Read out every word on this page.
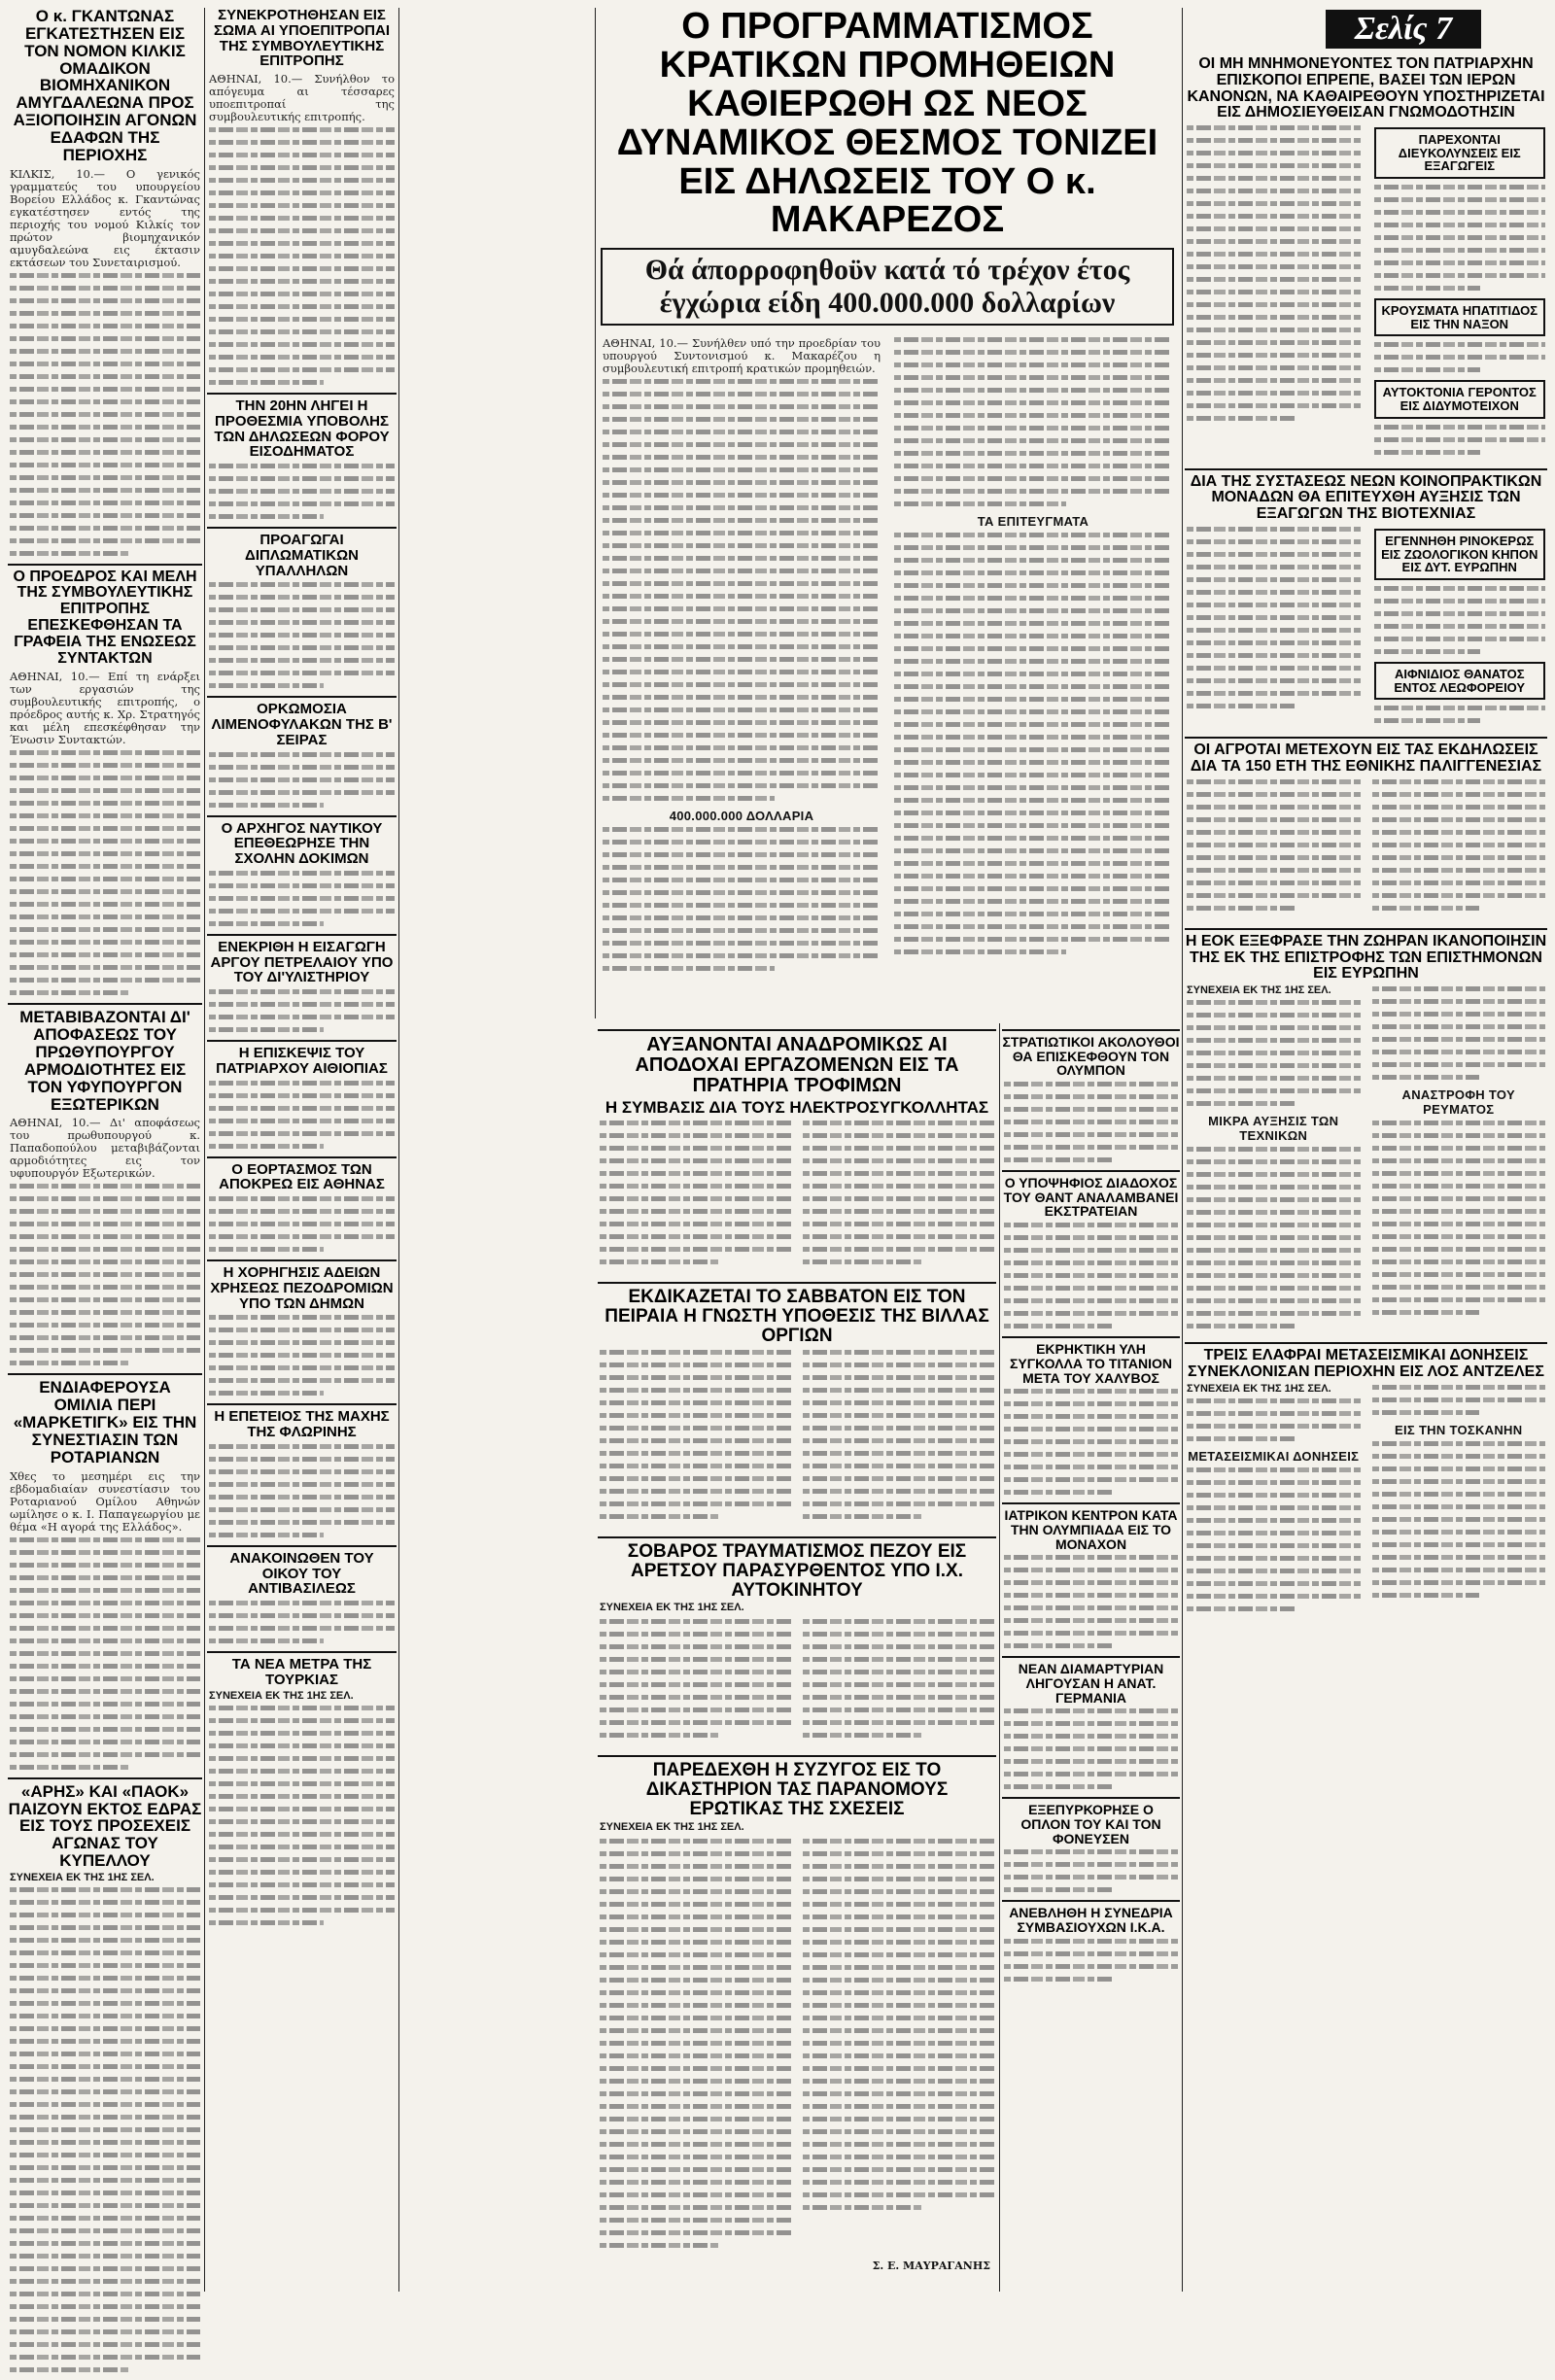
Ο κ. ΓΚΑΝΤΩΝΑΣ ΕΓΚΑΤΕΣΤΗΣΕΝ ΕΙΣ ΤΟΝ ΝΟΜΟΝ ΚΙΛΚΙΣ ΟΜΑΔΙΚΟΝ ΒΙΟΜΗΧΑΝΙΚΟΝ ΑΜΥΓΔΑΛΕΩΝΑ ΠΡΟΣ ΑΞΙΟΠΟΙΗΣΙΝ ΑΓΟΝΩΝ ΕΔΑΦΩΝ ΤΗΣ ΠΕΡΙΟΧΗΣ

ΚΙΛΚΙΣ, 10.— Ο γενικός γραμματεύς του υπουργείου Βορείου Ελλάδος κ. Γκαντώνας εγκατέστησεν εντός της περιοχής του νομού Κιλκίς τον πρώτον βιομηχανικόν αμυγδαλεώνα εις έκτασιν εκτάσεων του Συνεταιρισμού.

Ο ΠΡΟΕΔΡΟΣ ΚΑΙ ΜΕΛΗ ΤΗΣ ΣΥΜΒΟΥΛΕΥΤΙΚΗΣ ΕΠΙΤΡΟΠΗΣ ΕΠΕΣΚΕΦΘΗΣΑΝ ΤΑ ΓΡΑΦΕΙΑ ΤΗΣ ΕΝΩΣΕΩΣ ΣΥΝΤΑΚΤΩΝ

ΑΘΗΝΑΙ, 10.— Επί τη ενάρξει των εργασιών της συμβουλευτικής επιτροπής, ο πρόεδρος αυτής κ. Χρ. Στρατηγός και μέλη επεσκέφθησαν την Ένωσιν Συντακτών.

ΜΕΤΑΒΙΒΑΖΟΝΤΑΙ ΔΙ' ΑΠΟΦΑΣΕΩΣ ΤΟΥ ΠΡΩΘΥΠΟΥΡΓΟΥ ΑΡΜΟΔΙΟΤΗΤΕΣ ΕΙΣ ΤΟΝ ΥΦΥΠΟΥΡΓΟΝ ΕΞΩΤΕΡΙΚΩΝ

ΑΘΗΝΑΙ, 10.— Δι' αποφάσεως του πρωθυπουργού κ. Παπαδοπούλου μεταβιβάζονται αρμοδιότητες εις τον υφυπουργόν Εξωτερικών.

ΕΝΔΙΑΦΕΡΟΥΣΑ ΟΜΙΛΙΑ ΠΕΡΙ «ΜΑΡΚΕΤΙΓΚ» ΕΙΣ ΤΗΝ ΣΥΝΕΣΤΙΑΣΙΝ ΤΩΝ ΡΟΤΑΡΙΑΝΩΝ

Χθες το μεσημέρι εις την εβδομαδιαίαν συνεστίασιν του Ροταριανού Ομίλου Αθηνών ωμίλησε ο κ. Ι. Παπαγεωργίου με θέμα «Η αγορά της Ελλάδος».

«ΑΡΗΣ» ΚΑΙ «ΠΑΟΚ» ΠΑΙΖΟΥΝ ΕΚΤΟΣ ΕΔΡΑΣ ΕΙΣ ΤΟΥΣ ΠΡΟΣΕΧΕΙΣ ΑΓΩΝΑΣ ΤΟΥ ΚΥΠΕΛΛΟΥ
ΣΥΝΕΧΕΙΑ ΕΚ ΤΗΣ 1ΗΣ ΣΕΛ.
ΣΥΝΕΚΡΟΤΗΘΗΣΑΝ ΕΙΣ ΣΩΜΑ ΑΙ ΥΠΟΕΠΙΤΡΟΠΑΙ ΤΗΣ ΣΥΜΒΟΥΛΕΥΤΙΚΗΣ ΕΠΙΤΡΟΠΗΣ

ΑΘΗΝΑΙ, 10.— Συνήλθον το απόγευμα αι τέσσαρες υποεπιτροπαί της συμβουλευτικής επιτροπής.

ΤΗΝ 20ΗΝ ΛΗΓΕΙ Η ΠΡΟΘΕΣΜΙΑ ΥΠΟΒΟΛΗΣ ΤΩΝ ΔΗΛΩΣΕΩΝ ΦΟΡΟΥ ΕΙΣΟΔΗΜΑΤΟΣ
ΠΡΟΑΓΩΓΑΙ ΔΙΠΛΩΜΑΤΙΚΩΝ ΥΠΑΛΛΗΛΩΝ
ΟΡΚΩΜΟΣΙΑ ΛΙΜΕΝΟΦΥΛΑΚΩΝ ΤΗΣ Β' ΣΕΙΡΑΣ
Ο ΑΡΧΗΓΟΣ ΝΑΥΤΙΚΟΥ ΕΠΕΘΕΩΡΗΣΕ ΤΗΝ ΣΧΟΛΗΝ ΔΟΚΙΜΩΝ
ΕΝΕΚΡΙΘΗ Η ΕΙΣΑΓΩΓΗ ΑΡΓΟΥ ΠΕΤΡΕΛΑΙΟΥ ΥΠΟ ΤΟΥ ΔΙ'ΥΛΙΣΤΗΡΙΟΥ
Η ΕΠΙΣΚΕΨΙΣ ΤΟΥ ΠΑΤΡΙΑΡΧΟΥ ΑΙΘΙΟΠΙΑΣ
Ο ΕΟΡΤΑΣΜΟΣ ΤΩΝ ΑΠΟΚΡΕΩ ΕΙΣ ΑΘΗΝΑΣ
Η ΧΟΡΗΓΗΣΙΣ ΑΔΕΙΩΝ ΧΡΗΣΕΩΣ ΠΕΖΟΔΡΟΜΙΩΝ ΥΠΟ ΤΩΝ ΔΗΜΩΝ
Η ΕΠΕΤΕΙΟΣ ΤΗΣ ΜΑΧΗΣ ΤΗΣ ΦΛΩΡΙΝΗΣ
ΑΝΑΚΟΙΝΩΘΕΝ ΤΟΥ ΟΙΚΟΥ ΤΟΥ ΑΝΤΙΒΑΣΙΛΕΩΣ
ΤΑ ΝΕΑ ΜΕΤΡΑ ΤΗΣ ΤΟΥΡΚΙΑΣ
ΣΥΝΕΧΕΙΑ ΕΚ ΤΗΣ 1ΗΣ ΣΕΛ.
Ο ΠΡΟΓΡΑΜΜΑΤΙΣΜΟΣ ΚΡΑΤΙΚΩΝ ΠΡΟΜΗΘΕΙΩΝ ΚΑΘΙΕΡΩΘΗ ΩΣ ΝΕΟΣ ΔΥΝΑΜΙΚΟΣ ΘΕΣΜΟΣ ΤΟΝΙΖΕΙ ΕΙΣ ΔΗΛΩΣΕΙΣ ΤΟΥ Ο κ. ΜΑΚΑΡΕΖΟΣ
Θά άπορροφηθοϋν κατά τό τρέχον έτος έγχώρια είδη 400.000.000 δολλαρίων

ΑΘΗΝΑΙ, 10.— Συνήλθεν υπό την προεδρίαν του υπουργού Συντονισμού κ. Μακαρέζου η συμβουλευτική επιτροπή κρατικών προμηθειών.

400.000.000 ΔΟΛΛΑΡΙΑ
ΤΑ ΕΠΙΤΕΥΓΜΑΤΑ
ΑΥΞΑΝΟΝΤΑΙ ΑΝΑΔΡΟΜΙΚΩΣ ΑΙ ΑΠΟΔΟΧΑΙ ΕΡΓΑΖΟΜΕΝΩΝ ΕΙΣ ΤΑ ΠΡΑΤΗΡΙΑ ΤΡΟΦΙΜΩΝ
Η ΣΥΜΒΑΣΙΣ ΔΙΑ ΤΟΥΣ ΗΛΕΚΤΡΟΣΥΓΚΟΛΛΗΤΑΣ
ΕΚΔΙΚΑΖΕΤΑΙ ΤΟ ΣΑΒΒΑΤΟΝ ΕΙΣ ΤΟΝ ΠΕΙΡΑΙΑ Η ΓΝΩΣΤΗ ΥΠΟΘΕΣΙΣ ΤΗΣ ΒΙΛΛΑΣ ΟΡΓΙΩΝ
ΣΟΒΑΡΟΣ ΤΡΑΥΜΑΤΙΣΜΟΣ ΠΕΖΟΥ ΕΙΣ ΑΡΕΤΣΟΥ ΠΑΡΑΣΥΡΘΕΝΤΟΣ ΥΠΟ Ι.Χ. ΑΥΤΟΚΙΝΗΤΟΥ
ΣΥΝΕΧΕΙΑ ΕΚ ΤΗΣ 1ΗΣ ΣΕΛ.
ΠΑΡΕΔΕΧΘΗ Η ΣΥΖΥΓΟΣ ΕΙΣ ΤΟ ΔΙΚΑΣΤΗΡΙΟΝ ΤΑΣ ΠΑΡΑΝΟΜΟΥΣ ΕΡΩΤΙΚΑΣ ΤΗΣ ΣΧΕΣΕΙΣ
ΣΥΝΕΧΕΙΑ ΕΚ ΤΗΣ 1ΗΣ ΣΕΛ.
Σ. Ε. ΜΑΥΡΑΓΑΝΗΣ
ΣΤΡΑΤΙΩΤΙΚΟΙ ΑΚΟΛΟΥΘΟΙ ΘΑ ΕΠΙΣΚΕΦΘΟΥΝ ΤΟΝ ΟΛΥΜΠΟΝ
Ο ΥΠΟΨΗΦΙΟΣ ΔΙΑΔΟΧΟΣ ΤΟΥ ΘΑΝΤ ΑΝΑΛΑΜΒΑΝΕΙ ΕΚΣΤΡΑΤΕΙΑΝ
ΕΚΡΗΚΤΙΚΗ ΥΛΗ ΣΥΓΚΟΛΛΑ ΤΟ ΤΙΤΑΝΙΟΝ ΜΕΤΑ ΤΟΥ ΧΑΛΥΒΟΣ
ΙΑΤΡΙΚΟΝ ΚΕΝΤΡΟΝ ΚΑΤΑ ΤΗΝ ΟΛΥΜΠΙΑΔΑ ΕΙΣ ΤΟ ΜΟΝΑΧΟΝ
ΝΕΑΝ ΔΙΑΜΑΡΤΥΡΙΑΝ ΛΗΓΟΥΣΑΝ Η ΑΝΑΤ. ΓΕΡΜΑΝΙΑ
ΕΞΕΠΥΡΚΟΡΗΣΕ Ο ΟΠΛΟΝ ΤΟΥ ΚΑΙ ΤΟΝ ΦΟΝΕΥΣΕΝ
ΑΝΕΒΛΗΘΗ Η ΣΥΝΕΔΡΙΑ ΣΥΜΒΑΣΙΟΥΧΩΝ Ι.Κ.Α.
Σελίς 7
ΟΙ ΜΗ ΜΝΗΜΟΝΕΥΟΝΤΕΣ ΤΟΝ ΠΑΤΡΙΑΡΧΗΝ ΕΠΙΣΚΟΠΟΙ ΕΠΡΕΠΕ, ΒΑΣΕΙ ΤΩΝ ΙΕΡΩΝ ΚΑΝΟΝΩΝ, ΝΑ ΚΑΘΑΙΡΕΘΟΥΝ ΥΠΟΣΤΗΡΙΖΕΤΑΙ ΕΙΣ ΔΗΜΟΣΙΕΥΘΕΙΣΑΝ ΓΝΩΜΟΔΟΤΗΣΙΝ
ΠΑΡΕΧΟΝΤΑΙ ΔΙΕΥΚΟΛΥΝΣΕΙΣ ΕΙΣ ΕΞΑΓΩΓΕΙΣ
ΚΡΟΥΣΜΑΤΑ ΗΠΑΤΙΤΙΔΟΣ ΕΙΣ ΤΗΝ ΝΑΞΟΝ
ΑΥΤΟΚΤΟΝΙΑ ΓΕΡΟΝΤΟΣ ΕΙΣ ΔΙΔΥΜΟΤΕΙΧΟΝ
ΔΙΑ ΤΗΣ ΣΥΣΤΑΣΕΩΣ ΝΕΩΝ ΚΟΙΝΟΠΡΑΚΤΙΚΩΝ ΜΟΝΑΔΩΝ ΘΑ ΕΠΙΤΕΥΧΘΗ ΑΥΞΗΣΙΣ ΤΩΝ ΕΞΑΓΩΓΩΝ ΤΗΣ ΒΙΟΤΕΧΝΙΑΣ
ΕΓΕΝΝΗΘΗ ΡΙΝΟΚΕΡΩΣ ΕΙΣ ΖΩΟΛΟΓΙΚΟΝ ΚΗΠΟΝ ΕΙΣ ΔΥΤ. ΕΥΡΩΠΗΝ
ΑΙΦΝΙΔΙΟΣ ΘΑΝΑΤΟΣ ΕΝΤΟΣ ΛΕΩΦΟΡΕΙΟΥ
ΟΙ ΑΓΡΟΤΑΙ ΜΕΤΕΧΟΥΝ ΕΙΣ ΤΑΣ ΕΚΔΗΛΩΣΕΙΣ ΔΙΑ ΤΑ 150 ΕΤΗ ΤΗΣ ΕΘΝΙΚΗΣ ΠΑΛΙΓΓΕΝΕΣΙΑΣ
Η ΕΟΚ ΕΞΕΦΡΑΣΕ ΤΗΝ ΖΩΗΡΑΝ ΙΚΑΝΟΠΟΙΗΣΙΝ ΤΗΣ ΕΚ ΤΗΣ ΕΠΙΣΤΡΟΦΗΣ ΤΩΝ ΕΠΙΣΤΗΜΟΝΩΝ ΕΙΣ ΕΥΡΩΠΗΝ
ΣΥΝΕΧΕΙΑ ΕΚ ΤΗΣ 1ΗΣ ΣΕΛ.
ΜΙΚΡΑ ΑΥΞΗΣΙΣ ΤΩΝ ΤΕΧΝΙΚΩΝ
ΑΝΑΣΤΡΟΦΗ ΤΟΥ ΡΕΥΜΑΤΟΣ
ΤΡΕΙΣ ΕΛΑΦΡΑΙ ΜΕΤΑΣΕΙΣΜΙΚΑΙ ΔΟΝΗΣΕΙΣ ΣΥΝΕΚΛΟΝΙΣΑΝ ΠΕΡΙΟΧΗΝ ΕΙΣ ΛΟΣ ΑΝΤΖΕΛΕΣ
ΣΥΝΕΧΕΙΑ ΕΚ ΤΗΣ 1ΗΣ ΣΕΛ.
ΜΕΤΑΣΕΙΣΜΙΚΑΙ ΔΟΝΗΣΕΙΣ
ΕΙΣ ΤΗΝ ΤΟΣΚΑΝΗΝ
